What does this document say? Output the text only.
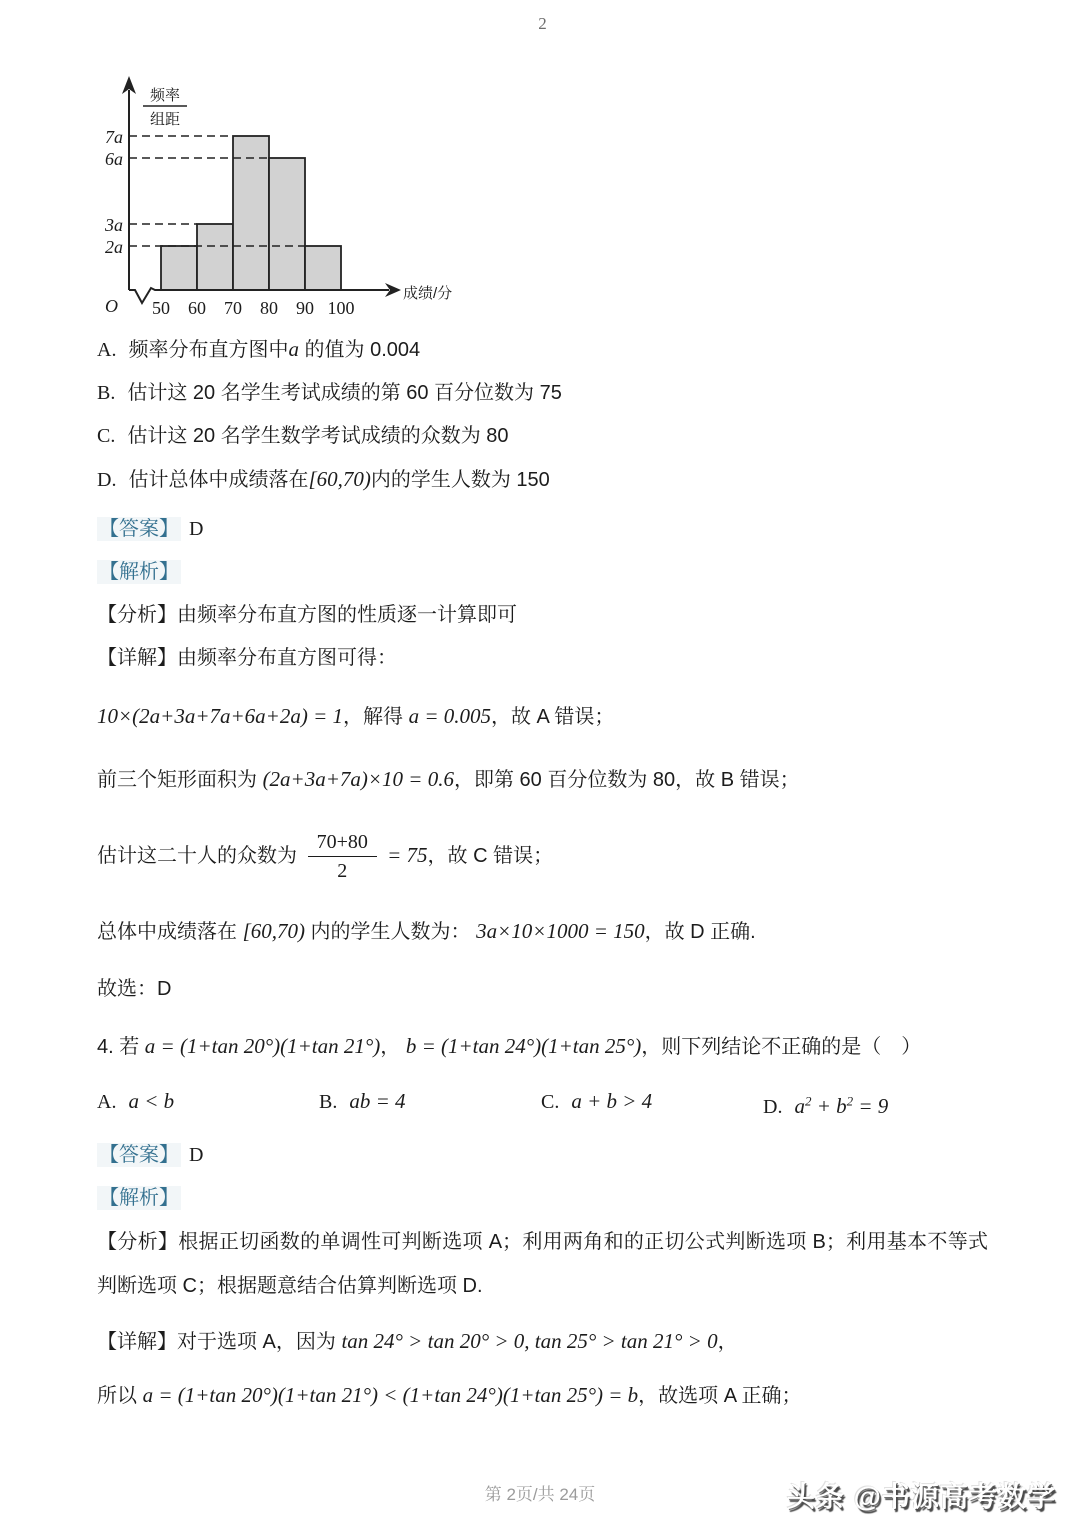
2
2a
3a
6a
7a
50 60 70 80 90 100
O
成绩/分
频率
组距
A. 频率分布直方图中a 的值为 0.004
B. 估计这 20 名学生考试成绩的第 60 百分位数为 75
C. 估计这 20 名学生数学考试成绩的众数为 80
D. 估计总体中成绩落在[60,70)内的学生人数为 150
【答案】 D
【解析】
【分析】由频率分布直方图的性质逐一计算即可
【详解】由频率分布直方图可得：
10×(2a+3a+7a+6a+2a) = 1，解得 a = 0.005，故 A 错误；
前三个矩形面积为 (2a+3a+7a)×10 = 0.6，即第 60 百分位数为 80，故 B 错误；
估计这二十人的众数为 $\frac{70+80}{2} = 75$，故 C 错误；
总体中成绩落在 [60,70) 内的学生人数为： 3a×10×1000 = 150，故 D 正确.
故选：D
4. 若 a = (1+tan 20°)(1+tan 21°)， b = (1+tan 24°)(1+tan 25°)，则下列结论不正确的是（　）
A. a < b	B. ab = 4	C. a + b > 4	D. $a^2 + b^2 = 9$
【答案】 D
【解析】
【分析】根据正切函数的单调性可判断选项 A；利用两角和的正切公式判断选项 B；利用基本不等式判断选项 C；根据题意结合估算判断选项 D.
【详解】对于选项 A，因为 tan 24° > tan 20° > 0, tan 25° > tan 21° > 0，
所以 a = (1+tan 20°)(1+tan 21°) < (1+tan 24°)(1+tan 25°) = b，故选项 A 正确；
第 2页/共 24页	头条 @书源高考数学
